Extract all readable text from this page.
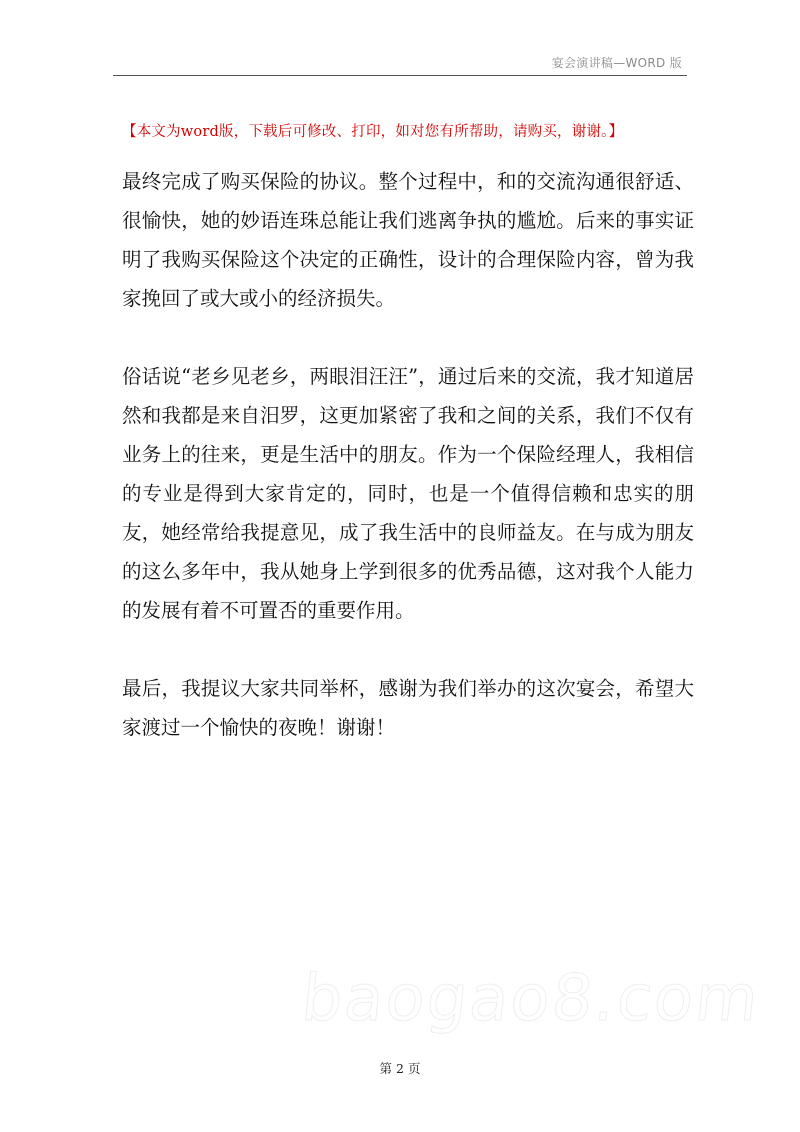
宴会演讲稿—WORD 版
【本文为word版，下载后可修改、打印，如对您有所帮助，请购买，谢谢。】

最终完成了购买保险的协议。整个过程中，和的交流沟通很舒适、很愉快，她的妙语连珠总能让我们逃离争执的尴尬。后来的事实证明了我购买保险这个决定的正确性，设计的合理保险内容，曾为我家挽回了或大或小的经济损失。

俗话说“老乡见老乡，两眼泪汪汪”，通过后来的交流，我才知道居然和我都是来自汨罗，这更加紧密了我和之间的关系，我们不仅有业务上的往来，更是生活中的朋友。作为一个保险经理人，我相信的专业是得到大家肯定的，同时，也是一个值得信赖和忠实的朋友，她经常给我提意见，成了我生活中的良师益友。在与成为朋友的这么多年中，我从她身上学到很多的优秀品德，这对我个人能力的发展有着不可置否的重要作用。

最后，我提议大家共同举杯，感谢为我们举办的这次宴会，希望大家渡过一个愉快的夜晚！谢谢！

baogao8.com
第 2 页
